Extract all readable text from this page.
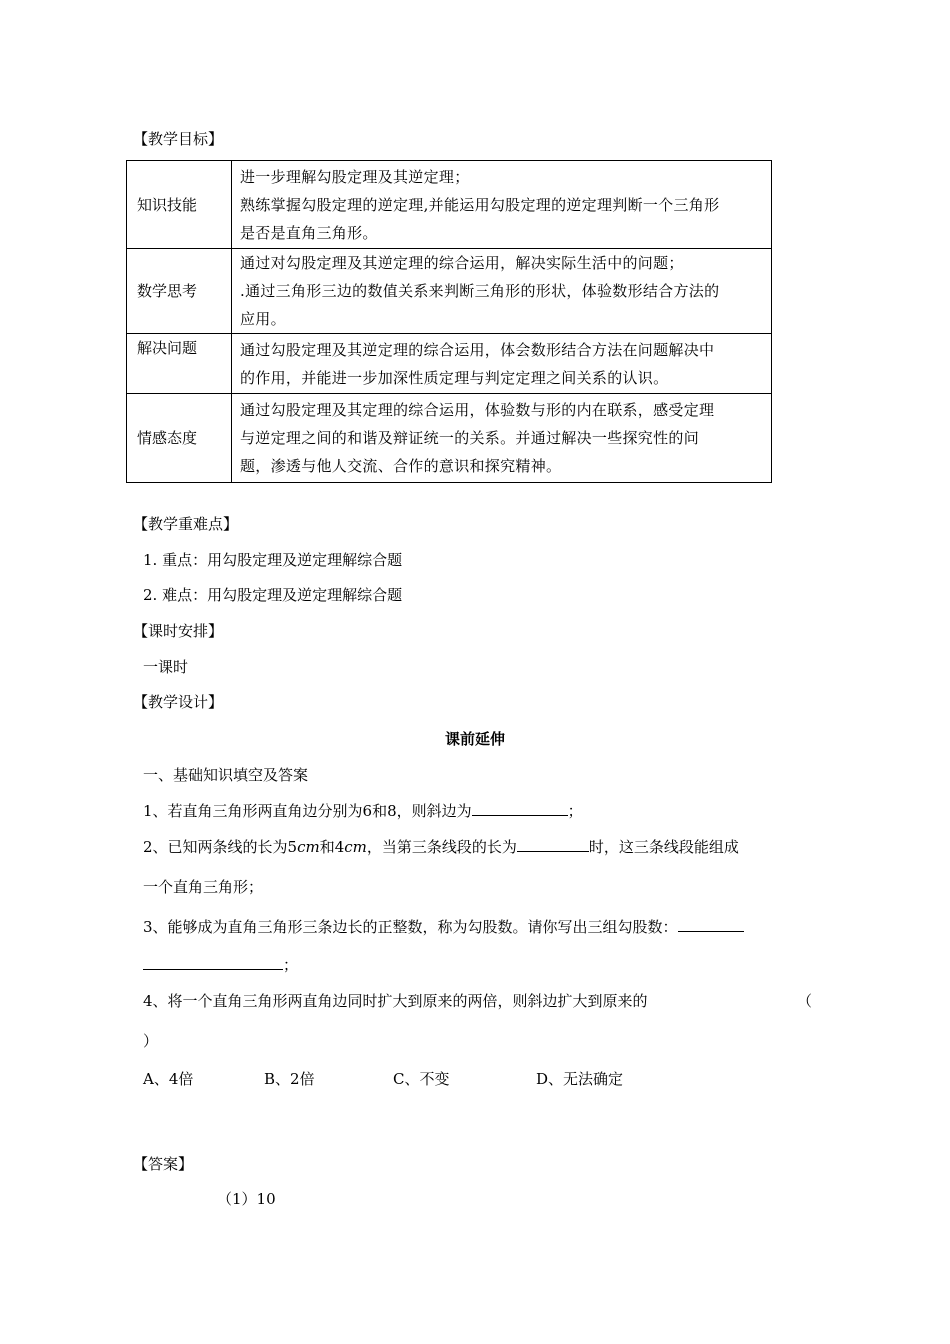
【教学目标】
知识技能	进一步理解勾股定理及其逆定理；
熟练掌握勾股定理的逆定理,并能运用勾股定理的逆定理判断一个三角形
是否是直角三角形。

数学思考	通过对勾股定理及其逆定理的综合运用，解决实际生活中的问题；
.通过三角形三边的数值关系来判断三角形的形状，体验数形结合方法的
应用。

解决问题	通过勾股定理及其逆定理的综合运用，体会数形结合方法在问题解决中
的作用，并能进一步加深性质定理与判定定理之间关系的认识。

情感态度	通过勾股定理及其定理的综合运用，体验数与形的内在联系，感受定理
与逆定理之间的和谐及辩证统一的关系。并通过解决一些探究性的问
题，渗透与他人交流、合作的意识和探究精神。
【教学重难点】
1. 重点：用勾股定理及逆定理解综合题
2. 难点：用勾股定理及逆定理解综合题
【课时安排】
一课时
【教学设计】
课前延伸
一、基础知识填空及答案
1、若直角三角形两直角边分别为6和8，则斜边为	；
2、已知两条线的长为5cm和4cm，当第三条线段的长为	时，这三条线段能组成
一个直角三角形；
3、能够成为直角三角形三条边长的正整数，称为勾股数。请你写出三组勾股数：
；
4、将一个直角三角形两直角边同时扩大到原来的两倍，则斜边扩大到原来的	（
）
A、4倍	B、2倍	C、不变	D、无法确定
【答案】
（1）10
